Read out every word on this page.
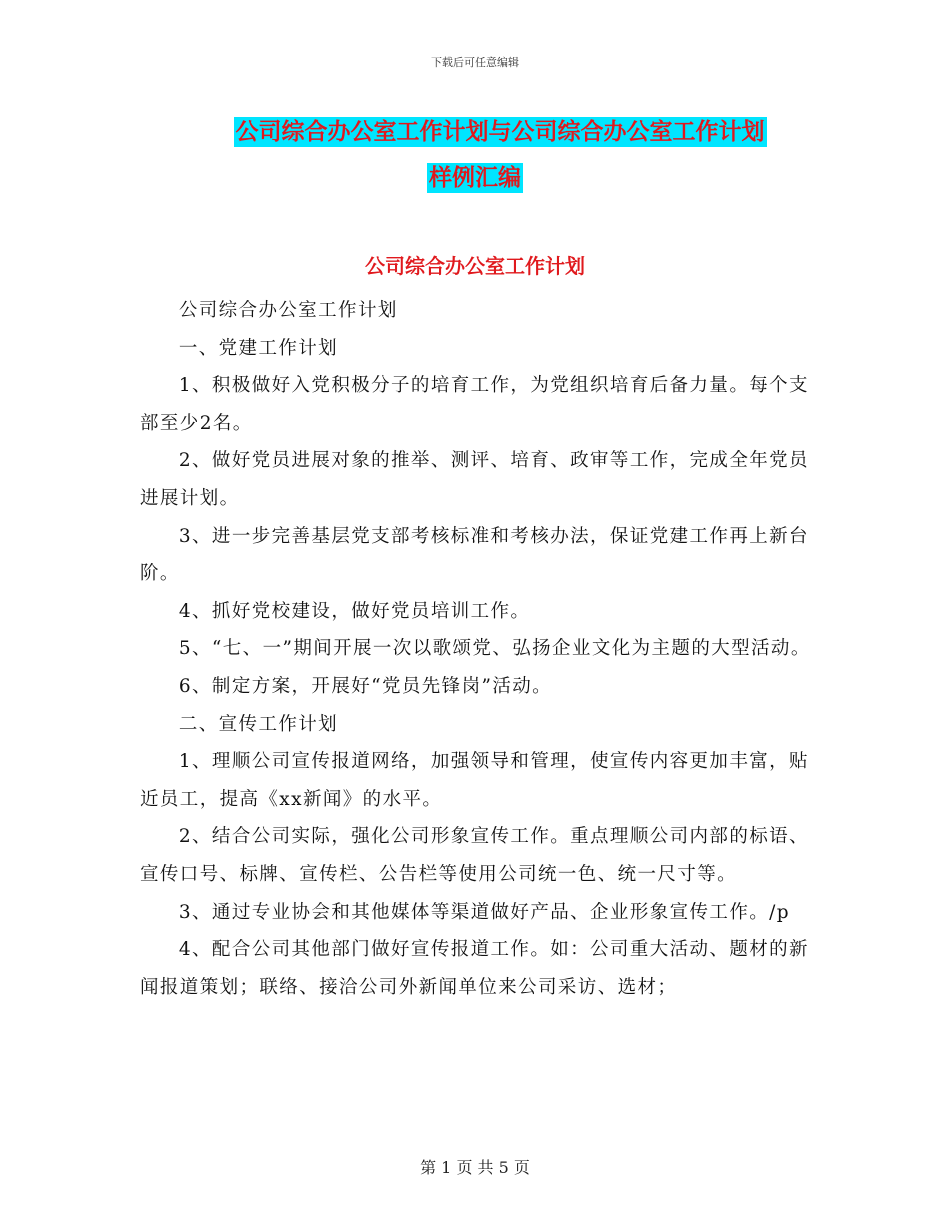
下载后可任意编辑
公司综合办公室工作计划与公司综合办公室工作计划
样例汇编
公司综合办公室工作计划

公司综合办公室工作计划

一、党建工作计划

1、积极做好入党积极分子的培育工作，为党组织培育后备力量。每个支部至少2名。

2、做好党员进展对象的推举、测评、培育、政审等工作，完成全年党员进展计划。

3、进一步完善基层党支部考核标准和考核办法，保证党建工作再上新台阶。

4、抓好党校建设，做好党员培训工作。

5、“七、一”期间开展一次以歌颂党、弘扬企业文化为主题的大型活动。

6、制定方案，开展好“党员先锋岗”活动。

二、宣传工作计划

1、理顺公司宣传报道网络，加强领导和管理，使宣传内容更加丰富，贴近员工，提高《xx新闻》的水平。

2、结合公司实际，强化公司形象宣传工作。重点理顺公司内部的标语、宣传口号、标牌、宣传栏、公告栏等使用公司统一色、统一尺寸等。

3、通过专业协会和其他媒体等渠道做好产品、企业形象宣传工作。/p

4、配合公司其他部门做好宣传报道工作。如：公司重大活动、题材的新闻报道策划；联络、接洽公司外新闻单位来公司采访、选材；

第 1 页 共 5 页
